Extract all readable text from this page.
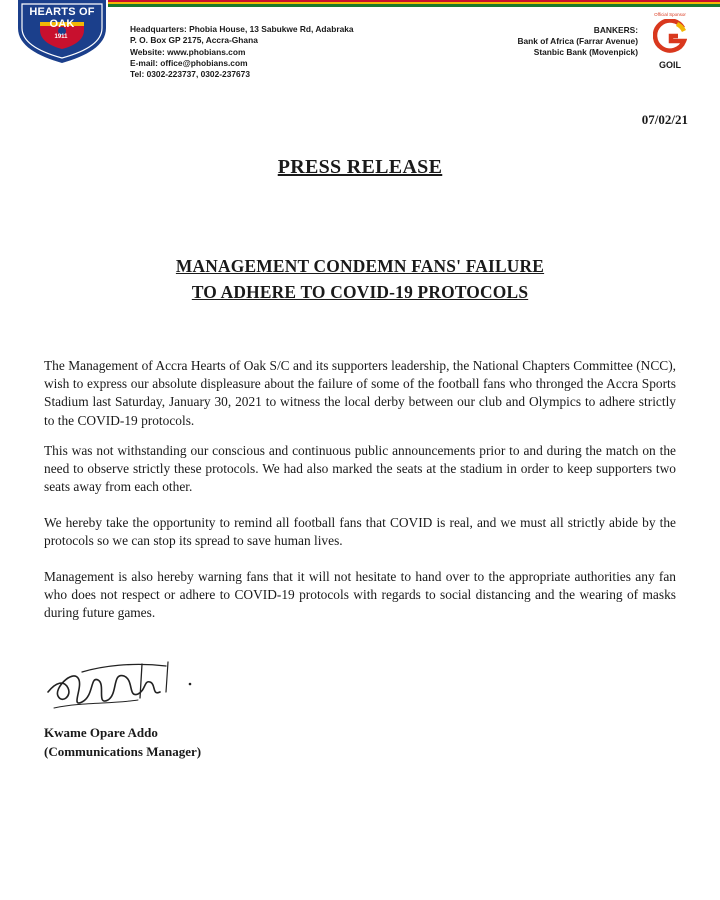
HEARTS OF OAK
1911
Headquarters: Phobia House, 13 Sabukwe Rd, Adabraka
P. O. Box GP 2175, Accra-Ghana
Website: www.phobians.com
E-mail: office@phobians.com
Tel: 0302-223737, 0302-237673
BANKERS:
Bank of Africa (Farrar Avenue)
Stanbic Bank (Movenpick)
Official Sponsor
GOIL
07/02/21
PRESS RELEASE
MANAGEMENT CONDEMN FANS' FAILURE
TO ADHERE TO COVID-19 PROTOCOLS
The Management of Accra Hearts of Oak S/C and its supporters leadership, the National Chapters Committee (NCC), wish to express our absolute displeasure about the failure of some of the football fans who thronged the Accra Sports Stadium last Saturday, January 30, 2021 to witness the local derby between our club and Olympics to adhere strictly to the COVID-19 protocols.
This was not withstanding our conscious and continuous public announcements prior to and during the match on the need to observe strictly these protocols. We had also marked the seats at the stadium in order to keep supporters two seats away from each other.
We hereby take the opportunity to remind all football fans that COVID is real, and we must all strictly abide by the protocols so we can stop its spread to save human lives.
Management is also hereby warning fans that it will not hesitate to hand over to the appropriate authorities any fan who does not respect or adhere to COVID-19 protocols with regards to social distancing and the wearing of masks during future games.
Kwame Opare Addo
(Communications Manager)
